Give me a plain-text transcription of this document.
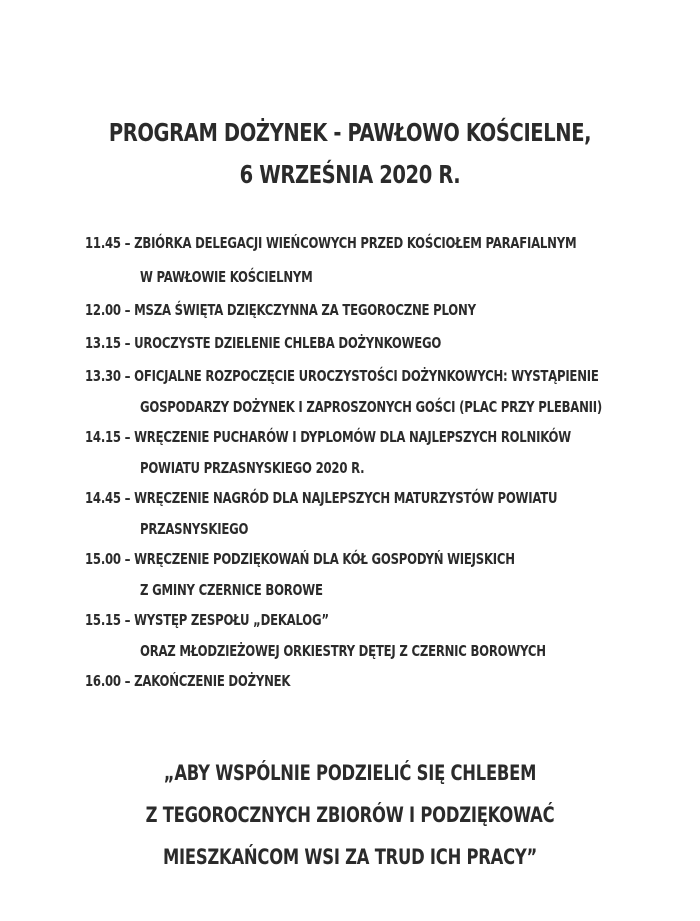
PROGRAM DOŻYNEK - PAWŁOWO KOŚCIELNE,
6 WRZEŚNIA 2020 R.
11.45 – ZBIÓRKA DELEGACJI WIEŃCOWYCH PRZED KOŚCIOŁEM PARAFIALNYM
W PAWŁOWIE KOŚCIELNYM
12.00 – MSZA ŚWIĘTA DZIĘKCZYNNA ZA TEGOROCZNE PLONY
13.15 – UROCZYSTE DZIELENIE CHLEBA DOŻYNKOWEGO
13.30 – OFICJALNE ROZPOCZĘCIE UROCZYSTOŚCI DOŻYNKOWYCH: WYSTĄPIENIE
GOSPODARZY DOŻYNEK I ZAPROSZONYCH GOŚCI (PLAC PRZY PLEBANII)
14.15 – WRĘCZENIE PUCHARÓW I DYPLOMÓW DLA NAJLEPSZYCH ROLNIKÓW
POWIATU PRZASNYSKIEGO 2020 R.
14.45 – WRĘCZENIE NAGRÓD DLA NAJLEPSZYCH MATURZYSTÓW POWIATU
PRZASNYSKIEGO
15.00 – WRĘCZENIE PODZIĘKOWAŃ DLA KÓŁ GOSPODYŃ WIEJSKICH
Z GMINY CZERNICE BOROWE
15.15 – WYSTĘP ZESPOŁU „DEKALOG”
ORAZ MŁODZIEŻOWEJ ORKIESTRY DĘTEJ Z CZERNIC BOROWYCH
16.00 – ZAKOŃCZENIE DOŻYNEK
„ABY WSPÓLNIE PODZIELIĆ SIĘ CHLEBEM
Z TEGOROCZNYCH ZBIORÓW I PODZIĘKOWAĆ
MIESZKAŃCOM WSI ZA TRUD ICH PRACY”
